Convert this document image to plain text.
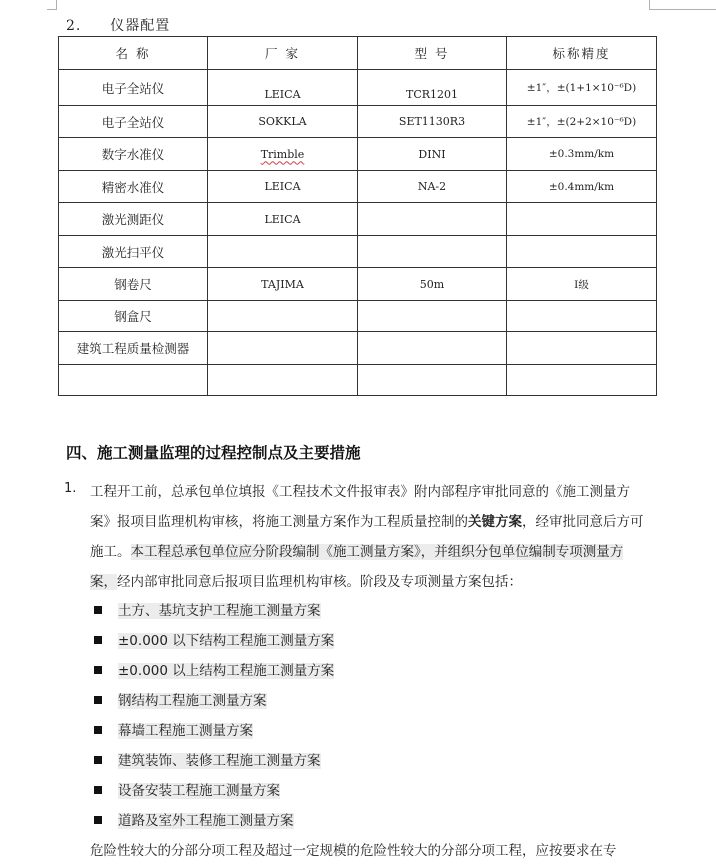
2. 仪器配置
名 称	厂 家	型 号	标称精度
电子全站仪	LEICA	TCR1201	±1″，±(1+1×10⁻⁶D)
电子全站仪	SOKKLA	SET1130R3	±1″，±(2+2×10⁻⁶D)
数字水准仪	Trimble	DINI	±0.3mm/km
精密水准仪	LEICA	NA-2	±0.4mm/km
激光测距仪	LEICA		
激光扫平仪			
钢卷尺	TAJIMA	50m	Ⅰ级
钢盒尺			
建筑工程质量检测器			

四、施工测量监理的过程控制点及主要措施
1. 工程开工前，总承包单位填报《工程技术文件报审表》附内部程序审批同意的《施工测量方案》报项目监理机构审核，将施工测量方案作为工程质量控制的关键方案，经审批同意后方可施工。本工程总承包单位应分阶段编制《施工测量方案》，并组织分包单位编制专项测量方案，经内部审批同意后报项目监理机构审核。阶段及专项测量方案包括：
土方、基坑支护工程施工测量方案
±0.000 以下结构工程施工测量方案
±0.000 以上结构工程施工测量方案
钢结构工程施工测量方案
幕墙工程施工测量方案
建筑装饰、装修工程施工测量方案
设备安装工程施工测量方案
道路及室外工程施工测量方案
危险性较大的分部分项工程及超过一定规模的危险性较大的分部分项工程，应按要求在专
